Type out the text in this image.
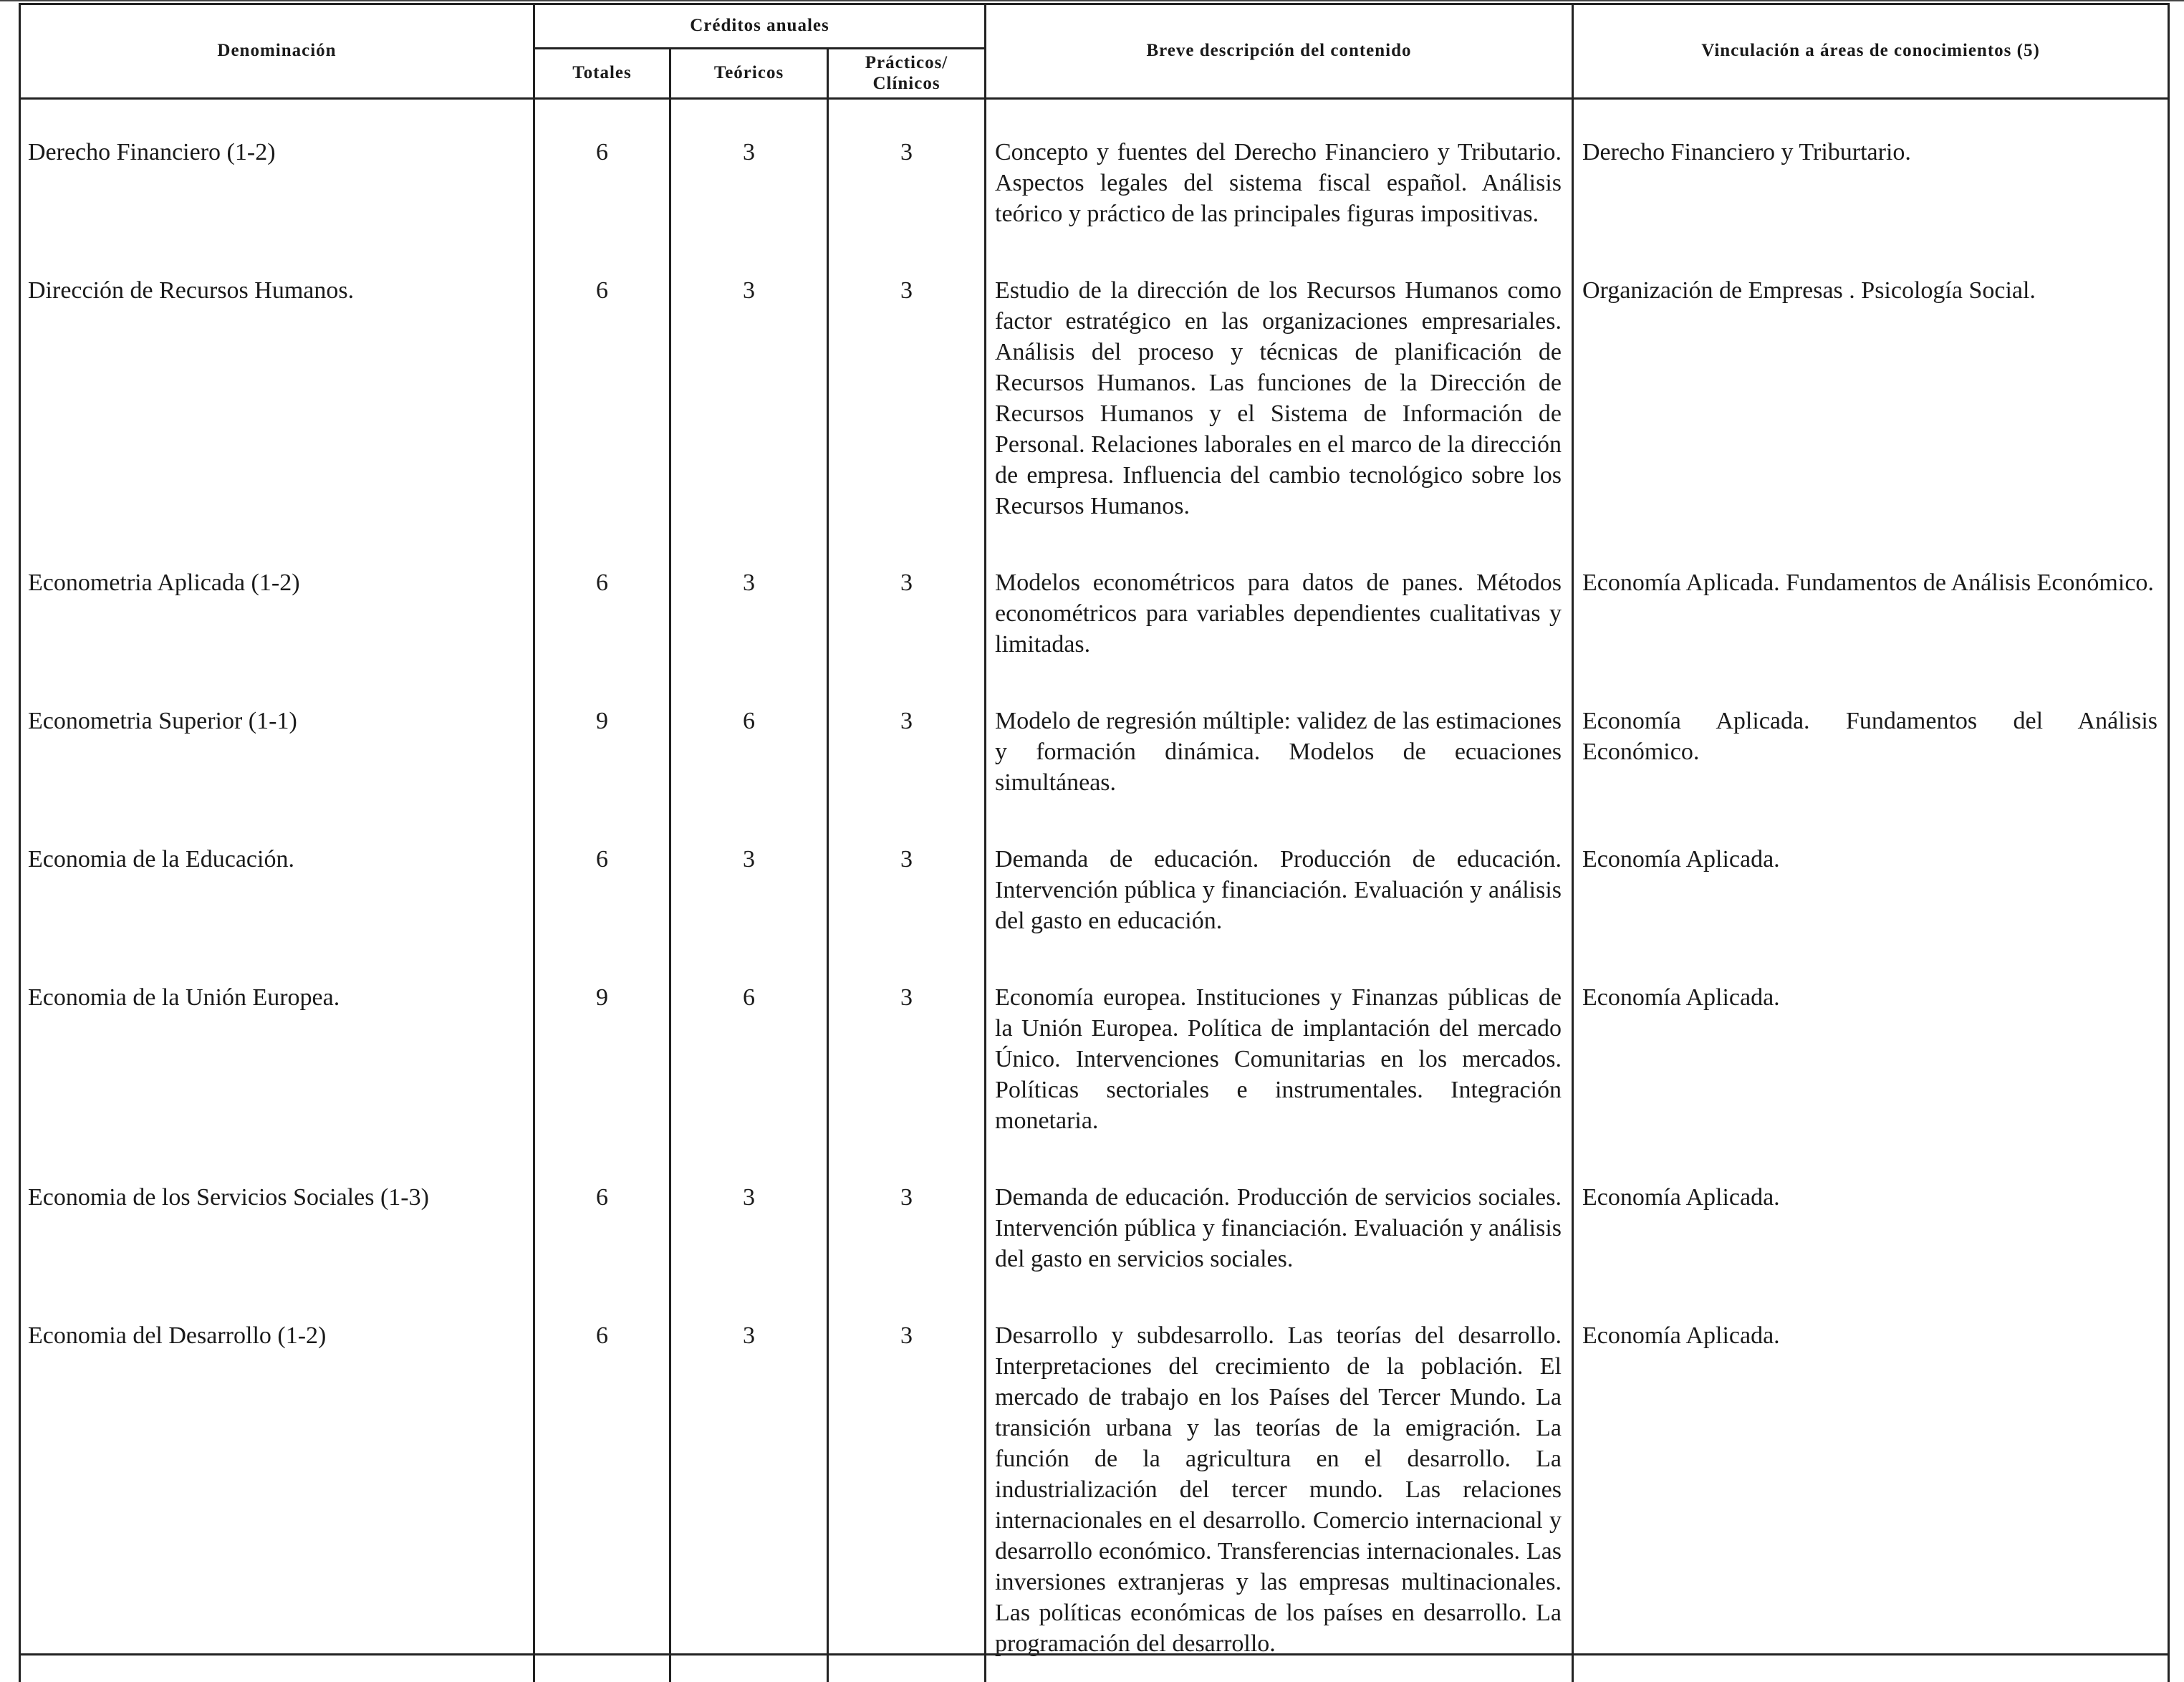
Denominación	Créditos anuales			Breve descripción del contenido	Vinculación a áreas de conocimientos (5)
	Totales	Teóricos	Prácticos/ Clínicos		
Derecho Financiero (1-2)	6	3	3	Concepto y fuentes del Derecho Financiero y Tributario. Aspectos legales del sistema fiscal español. Análisis teórico y práctico de las principales figuras impositivas.	Derecho Financiero y Triburtario.
Dirección de Recursos Humanos.	6	3	3	Estudio de la dirección de los Recursos Humanos como factor estratégico en las organizaciones empresariales. Análisis del proceso y técnicas de planificación de Recursos Humanos. Las funciones de la Dirección de Recursos Humanos y el Sistema de Información de Personal. Relaciones laborales en el marco de la dirección de empresa. Influencia del cambio tecnológico sobre los Recursos Humanos.	Organización de Empresas . Psicología Social.
Econometria Aplicada (1-2)	6	3	3	Modelos econométricos para datos de panes. Métodos econométricos para variables dependientes cualitativas y limitadas.	Economía Aplicada. Fundamentos de Análisis Económico.
Econometria Superior (1-1)	9	6	3	Modelo de regresión múltiple: validez de las estimaciones y formación dinámica. Modelos de ecuaciones simultáneas.	Economía Aplicada. Fundamentos del Análisis Económico.
Economia de la Educación.	6	3	3	Demanda de educación. Producción de educación. Intervención pública y financiación. Evaluación y análisis del gasto en educación.	Economía Aplicada.
Economia de la Unión Europea.	9	6	3	Economía europea. Instituciones y Finanzas públicas de la Unión Europea. Política de implantación del mercado Único. Intervenciones Comunitarias en los mercados. Políticas sectoriales e instrumentales. Integración monetaria.	Economía Aplicada.
Economia de los Servicios Sociales (1-3)	6	3	3	Demanda de educación. Producción de servicios sociales. Intervención pública y financiación. Evaluación y análisis del gasto en servicios sociales.	Economía Aplicada.
Economia del Desarrollo (1-2)	6	3	3	Desarrollo y subdesarrollo. Las teorías del desarrollo. Interpretaciones del crecimiento de la población. El mercado de trabajo en los Países del Tercer Mundo. La transición urbana y las teorías de la emigración. La función de la agricultura en el desarrollo. La industrialización del tercer mundo. Las relaciones internacionales en el desarrollo. Comercio internacional y desarrollo económico. Transferencias internacionales. Las inversiones extranjeras y las empresas multinacionales. Las políticas económicas de los países en desarrollo. La programación del desarrollo.	Economía Aplicada.
